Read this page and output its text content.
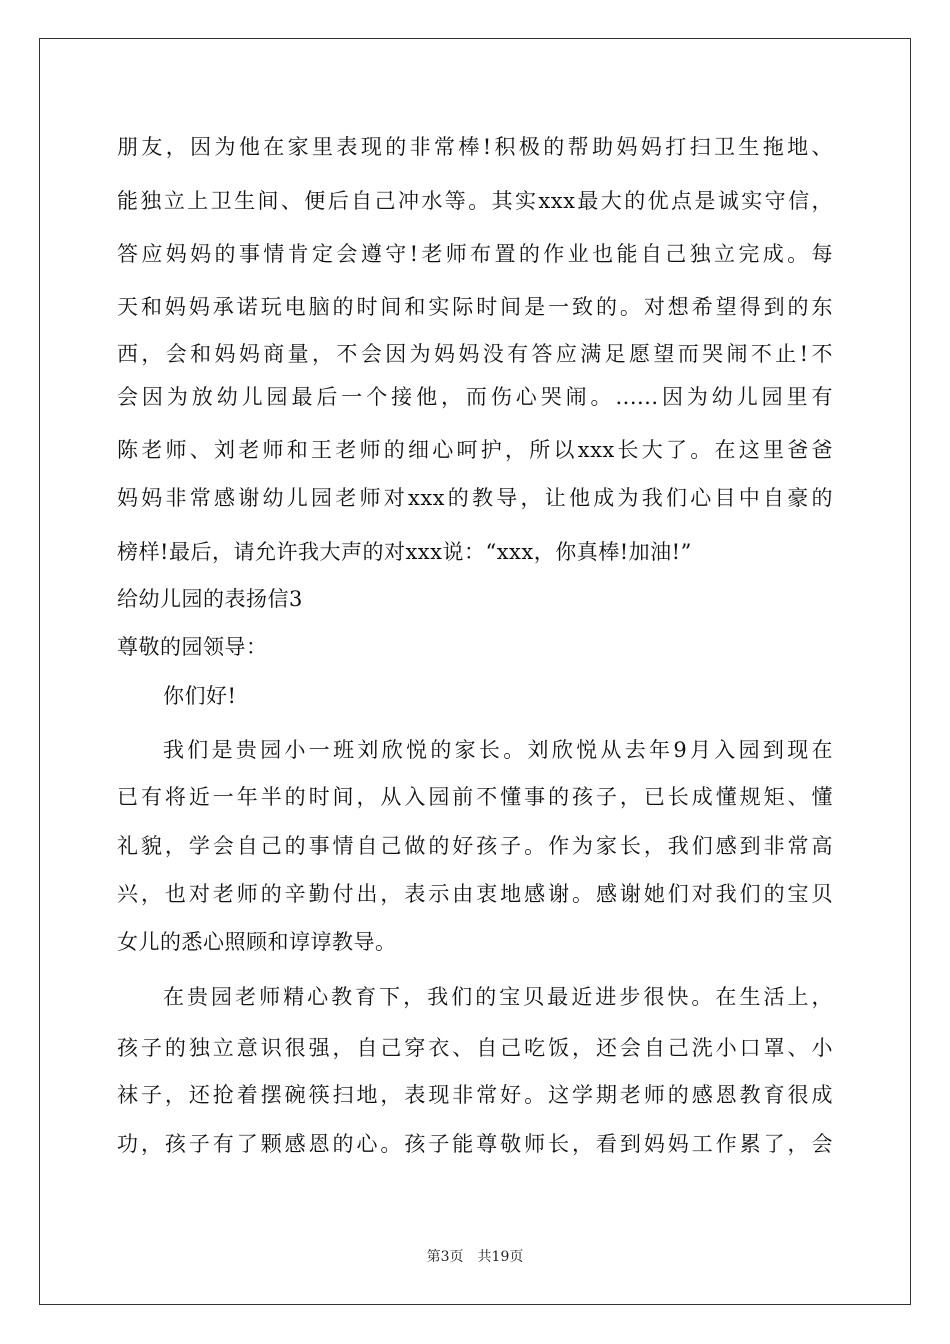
朋友，因为他在家里表现的非常棒!积极的帮助妈妈打扫卫生拖地、
能独立上卫生间、便后自己冲水等。其实xxx最大的优点是诚实守信，
答应妈妈的事情肯定会遵守!老师布置的作业也能自己独立完成。每
天和妈妈承诺玩电脑的时间和实际时间是一致的。对想希望得到的东
西，会和妈妈商量，不会因为妈妈没有答应满足愿望而哭闹不止!不
会因为放幼儿园最后一个接他，而伤心哭闹。......因为幼儿园里有
陈老师、刘老师和王老师的细心呵护，所以xxx长大了。在这里爸爸
妈妈非常感谢幼儿园老师对xxx的教导，让他成为我们心目中自豪的
榜样!最后，请允许我大声的对xxx说：“xxx，你真棒!加油!”
给幼儿园的表扬信3
尊敬的园领导：
你们好!
我们是贵园小一班刘欣悦的家长。刘欣悦从去年9月入园到现在
已有将近一年半的时间，从入园前不懂事的孩子，已长成懂规矩、懂
礼貌，学会自己的事情自己做的好孩子。作为家长，我们感到非常高
兴，也对老师的辛勤付出，表示由衷地感谢。感谢她们对我们的宝贝
女儿的悉心照顾和谆谆教导。
在贵园老师精心教育下，我们的宝贝最近进步很快。在生活上，
孩子的独立意识很强，自己穿衣、自己吃饭，还会自己洗小口罩、小
袜子，还抢着摆碗筷扫地，表现非常好。这学期老师的感恩教育很成
功，孩子有了颗感恩的心。孩子能尊敬师长，看到妈妈工作累了，会
第3页 共19页
